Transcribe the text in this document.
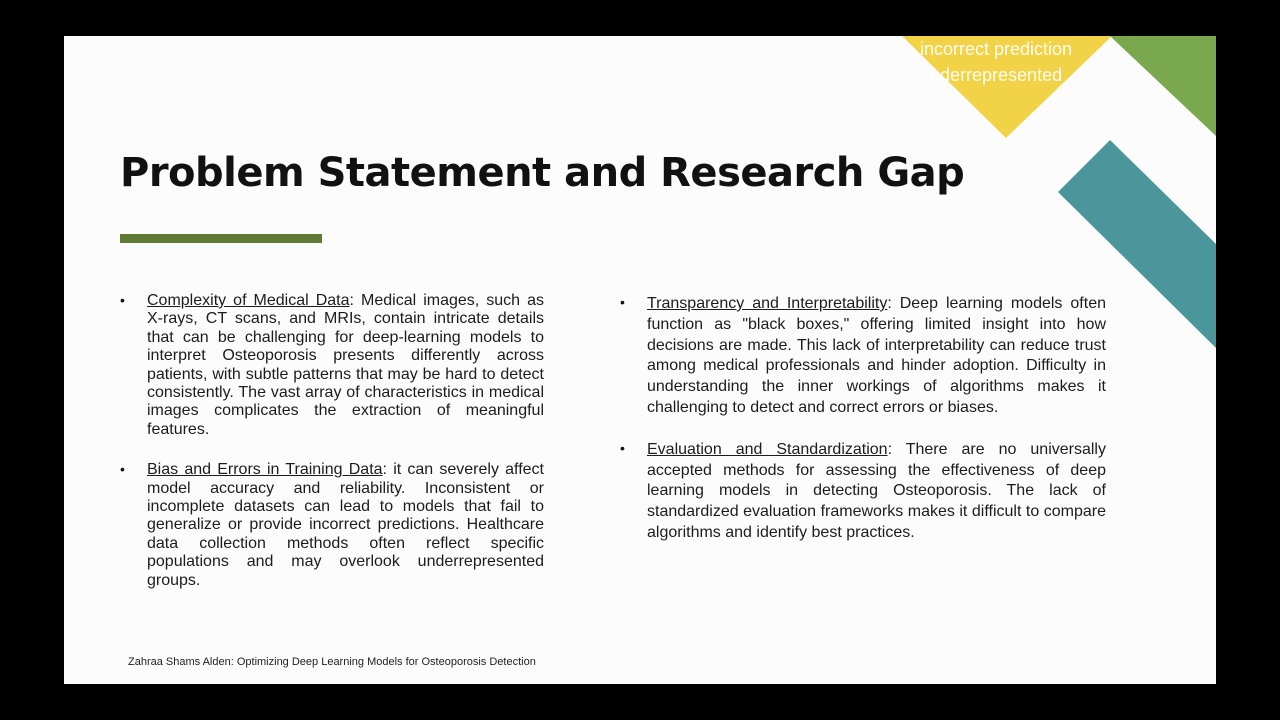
incorrect prediction
nderrepresented
Problem Statement and Research Gap
• Complexity of Medical Data: Medical images, such as X-rays, CT scans, and MRIs, contain intricate details that can be challenging for deep-learning models to interpret Osteoporosis presents differently across patients, with subtle patterns that may be hard to detect consistently. The vast array of characteristics in medical images complicates the extraction of meaningful features.

• Bias and Errors in Training Data: it can severely affect model accuracy and reliability. Inconsistent or incomplete datasets can lead to models that fail to generalize or provide incorrect predictions. Healthcare data collection methods often reflect specific populations and may overlook underrepresented groups.

• Transparency and Interpretability: Deep learning models often function as "black boxes," offering limited insight into how decisions are made. This lack of interpretability can reduce trust among medical professionals and hinder adoption. Difficulty in understanding the inner workings of algorithms makes it challenging to detect and correct errors or biases.

• Evaluation and Standardization: There are no universally accepted methods for assessing the effectiveness of deep learning models in detecting Osteoporosis. The lack of standardized evaluation frameworks makes it difficult to compare algorithms and identify best practices.

Zahraa Shams Alden: Optimizing Deep Learning Models for Osteoporosis Detection
